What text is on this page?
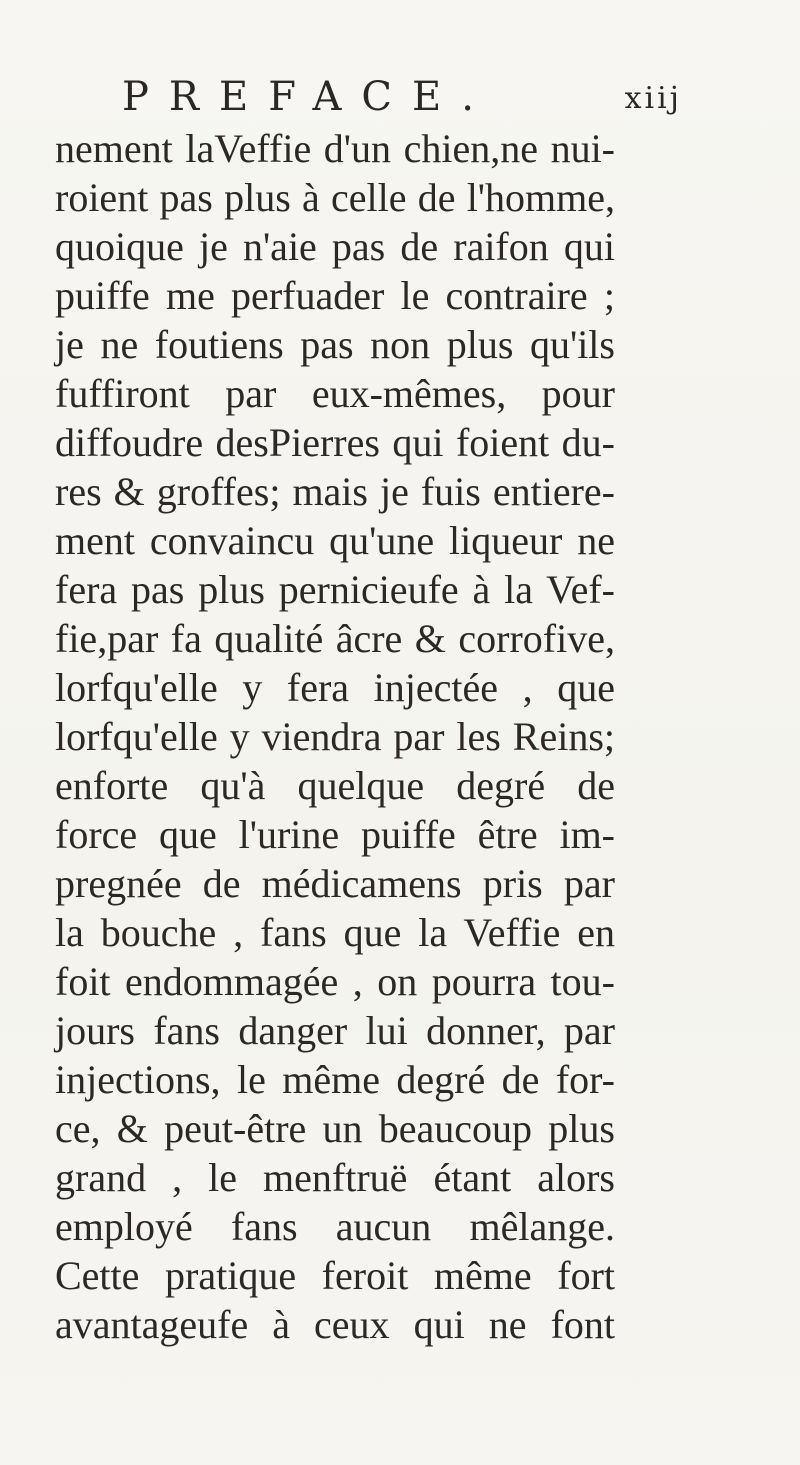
PREFACE.	xiij
nement laVeffie d'un chien,ne nui-
roient pas plus à celle de l'homme,
quoique je n'aie pas de raifon qui
puiffe me perfuader le contraire ;
je ne foutiens pas non plus qu'ils
fuffiront par eux-mêmes, pour
diffoudre desPierres qui foient du-
res & groffes; mais je fuis entiere-
ment convaincu qu'une liqueur ne
fera pas plus pernicieufe à la Vef-
fie,par fa qualité âcre & corrofive,
lorfqu'elle y fera injectée , que
lorfqu'elle y viendra par les Reins;
enforte qu'à quelque degré de
force que l'urine puiffe être im-
pregnée de médicamens pris par
la bouche , fans que la Veffie en
foit endommagée , on pourra tou-
jours fans danger lui donner, par
injections, le même degré de for-
ce, & peut-être un beaucoup plus
grand , le menftruë étant alors
employé fans aucun mêlange.
Cette pratique feroit même fort
avantageufe à ceux qui ne font
